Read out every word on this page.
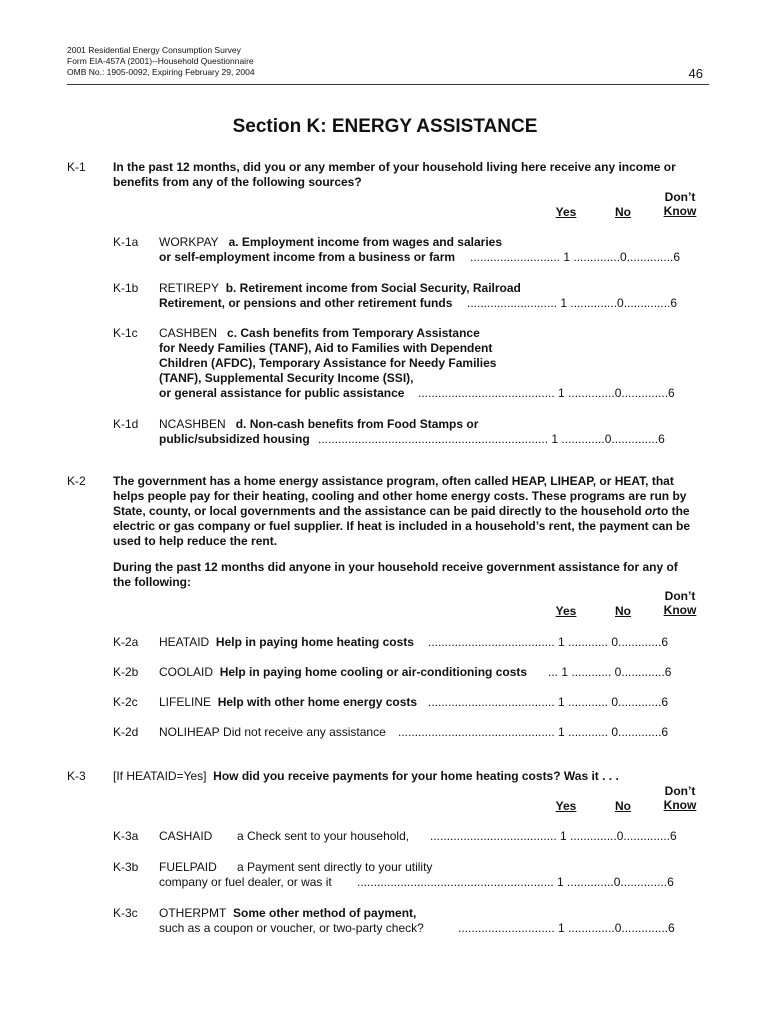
2001 Residential Energy Consumption Survey
Form EIA-457A (2001)--Household Questionnaire
OMB No.: 1905-0092, Expiring February 29, 2004	46
Section K: ENERGY ASSISTANCE
K-1 In the past 12 months, did you or any member of your household living here receive any income or
benefits from any of the following sources?
Don’t
Know
Yes	No
K-1a WORKPAY a. Employment income from wages and salaries
or self-employment income from a business or farm	........................... 1 ..............0..............6
K-1b RETIREPY b. Retirement income from Social Security, Railroad
Retirement, or pensions and other retirement funds	........................... 1 ..............0..............6
K-1c CASHBEN c. Cash benefits from Temporary Assistance
for Needy Families (TANF), Aid to Families with Dependent
Children (AFDC), Temporary Assistance for Needy Families
(TANF), Supplemental Security Income (SSI),
or general assistance for public assistance	......................................... 1 ..............0..............6
K-1d NCASHBEN d. Non-cash benefits from Food Stamps or
public/subsidized housing ..................................................................... 1 .............0..............6
K-2 The government has a home energy assistance program, often called HEAP, LIHEAP, or HEAT, that
helps people pay for their heating, cooling and other home energy costs. These programs are run by
State, county, or local governments and the assistance can be paid directly to the household orto the
electric or gas company or fuel supplier. If heat is included in a household’s rent, the payment can be
used to help reduce the rent.
During the past 12 months did anyone in your household receive government assistance for any of
the following:
Don’t
Know
Yes	No
K-2a HEATAID Help in paying home heating costs ...................................... 1 ............ 0.............6
K-2b COOLAID Help in paying home cooling or air-conditioning costs ... 1 ............ 0.............6
K-2c LIFELINE Help with other home energy costs ...................................... 1 ............ 0.............6
K-2d NOLIHEAP Did not receive any assistance ............................................... 1 ............ 0.............6
K-3 [If HEATAID=Yes] How did you receive payments for your home heating costs? Was it . . .
Don’t
Know
Yes	No
K-3a CASHAID a Check sent to your household, ...................................... 1 ..............0..............6
K-3b FUELPAID a Payment sent directly to your utility
company or fuel dealer, or was it ........................................................... 1 ..............0..............6
K-3c OTHERPMT Some other method of payment,
such as a coupon or voucher, or two-party check?	............................. 1 ..............0..............6
